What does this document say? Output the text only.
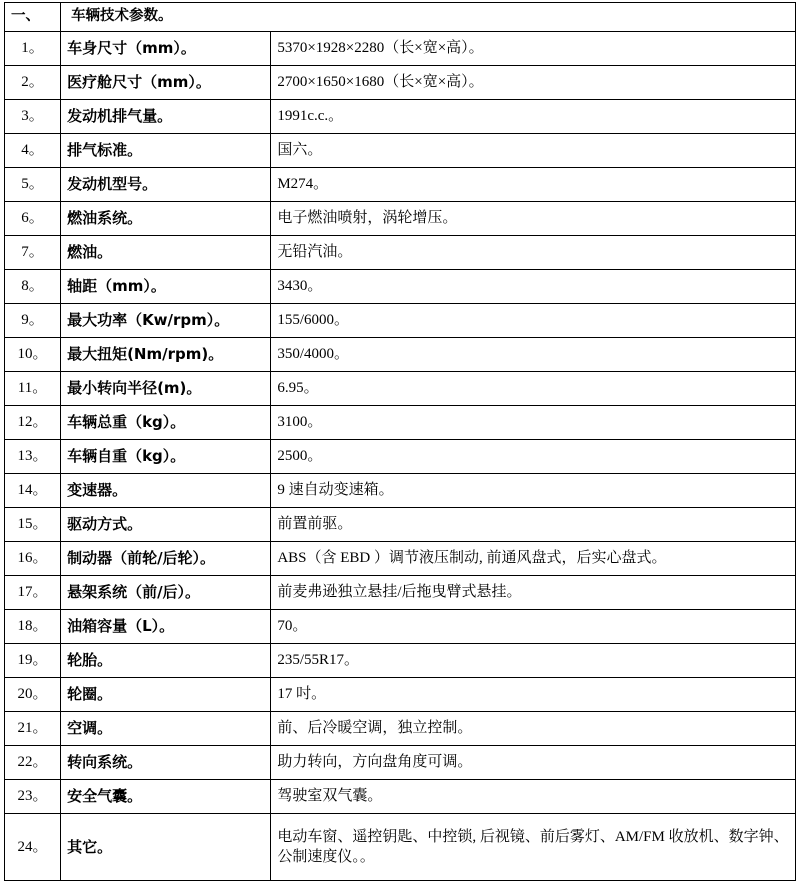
一、	车辆技术参数。	
1。	车身尺寸（mm）。	5370×1928×2280（长×宽×高）。
2。	医疗舱尺寸（mm）。	2700×1650×1680（长×宽×高）。
3。	发动机排气量。	1991c.c.。
4。	排气标准。	国六。
5。	发动机型号。	M274。
6。	燃油系统。	电子燃油喷射，涡轮增压。
7。	燃油。	无铅汽油。
8。	轴距（mm）。	3430。
9。	最大功率（Kw/rpm）。	155/6000。
10。	最大扭矩(Nm/rpm)。	350/4000。
11。	最小转向半径(m)。	6.95。
12。	车辆总重（kg）。	3100。
13。	车辆自重（kg）。	2500。
14。	变速器。	9 速自动变速箱。
15。	驱动方式。	前置前驱。
16。	制动器（前轮/后轮）。	ABS（含 EBD ）调节液压制动, 前通风盘式，后实心盘式。
17。	悬架系统（前/后）。	前麦弗逊独立悬挂/后拖曳臂式悬挂。
18。	油箱容量（L）。	70。
19。	轮胎。	235/55R17。
20。	轮圈。	17 吋。
21。	空调。	前、后冷暖空调，独立控制。
22。	转向系统。	助力转向，方向盘角度可调。
23。	安全气囊。	驾驶室双气囊。
24。	其它。	电动车窗、遥控钥匙、中控锁, 后视镜、前后雾灯、AM/FM 收放机、数字钟、公制速度仪。。
